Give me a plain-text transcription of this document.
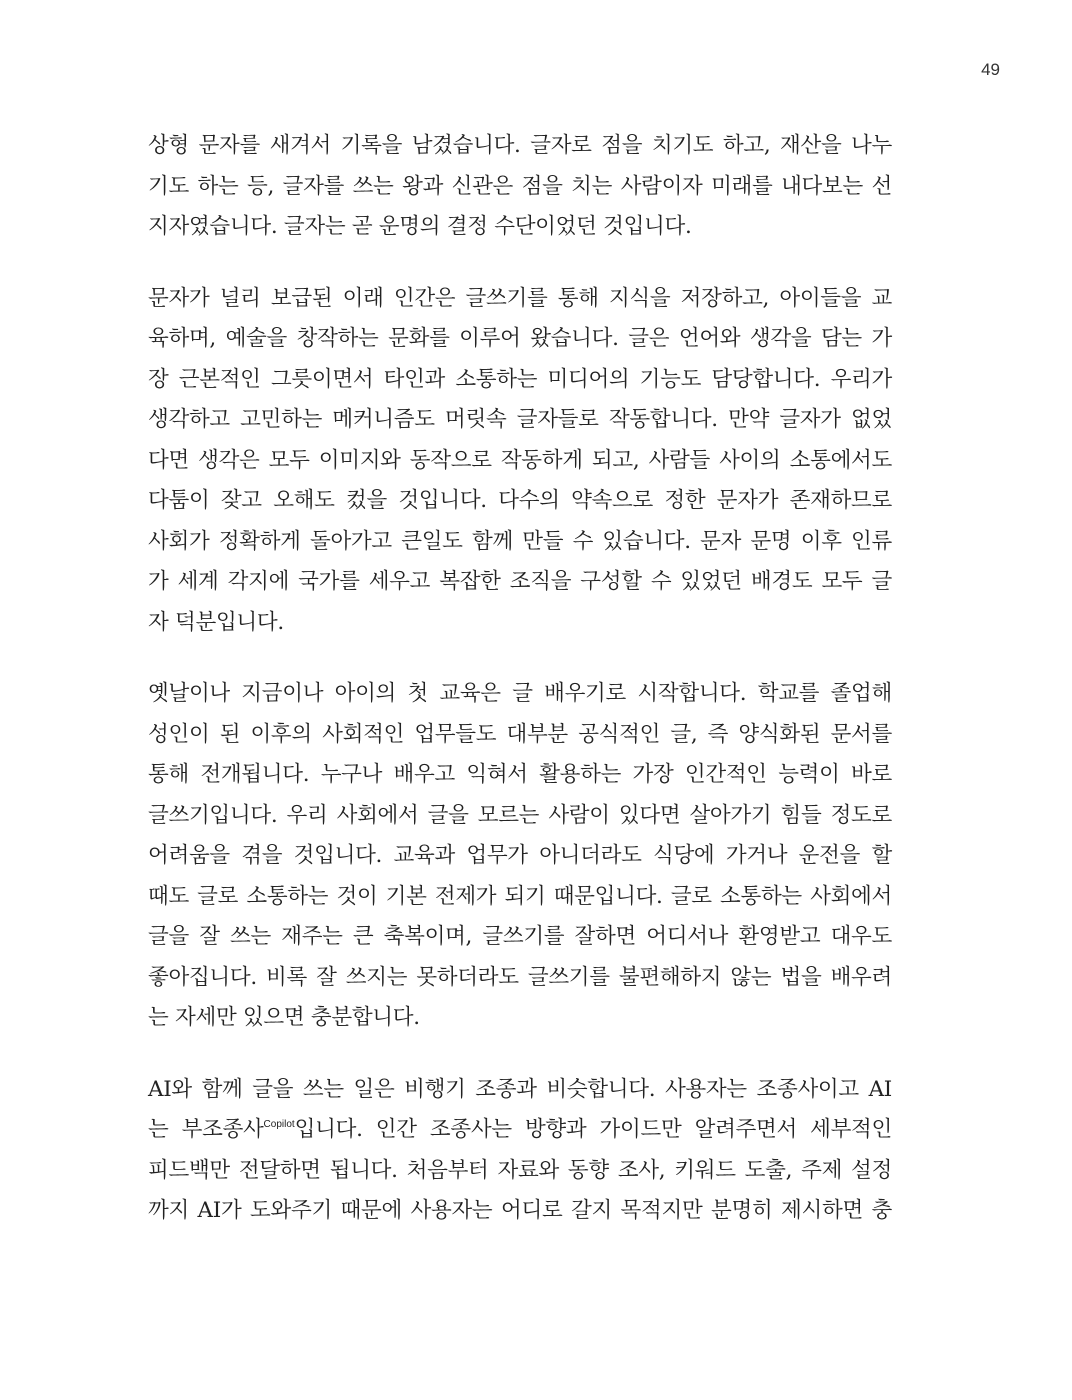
49

상형 문자를 새겨서 기록을 남겼습니다. 글자로 점을 치기도 하고, 재산을 나누
기도 하는 등, 글자를 쓰는 왕과 신관은 점을 치는 사람이자 미래를 내다보는 선
지자였습니다. 글자는 곧 운명의 결정 수단이었던 것입니다.

문자가 널리 보급된 이래 인간은 글쓰기를 통해 지식을 저장하고, 아이들을 교
육하며, 예술을 창작하는 문화를 이루어 왔습니다. 글은 언어와 생각을 담는 가
장 근본적인 그릇이면서 타인과 소통하는 미디어의 기능도 담당합니다. 우리가
생각하고 고민하는 메커니즘도 머릿속 글자들로 작동합니다. 만약 글자가 없었
다면 생각은 모두 이미지와 동작으로 작동하게 되고, 사람들 사이의 소통에서도
다툼이 잦고 오해도 컸을 것입니다. 다수의 약속으로 정한 문자가 존재하므로
사회가 정확하게 돌아가고 큰일도 함께 만들 수 있습니다. 문자 문명 이후 인류
가 세계 각지에 국가를 세우고 복잡한 조직을 구성할 수 있었던 배경도 모두 글
자 덕분입니다.

옛날이나 지금이나 아이의 첫 교육은 글 배우기로 시작합니다. 학교를 졸업해
성인이 된 이후의 사회적인 업무들도 대부분 공식적인 글, 즉 양식화된 문서를
통해 전개됩니다. 누구나 배우고 익혀서 활용하는 가장 인간적인 능력이 바로
글쓰기입니다. 우리 사회에서 글을 모르는 사람이 있다면 살아가기 힘들 정도로
어려움을 겪을 것입니다. 교육과 업무가 아니더라도 식당에 가거나 운전을 할
때도 글로 소통하는 것이 기본 전제가 되기 때문입니다. 글로 소통하는 사회에서
글을 잘 쓰는 재주는 큰 축복이며, 글쓰기를 잘하면 어디서나 환영받고 대우도
좋아집니다. 비록 잘 쓰지는 못하더라도 글쓰기를 불편해하지 않는 법을 배우려
는 자세만 있으면 충분합니다.

AI와 함께 글을 쓰는 일은 비행기 조종과 비슷합니다. 사용자는 조종사이고 AI
는 부조종사$^{Copilot}$입니다. 인간 조종사는 방향과 가이드만 알려주면서 세부적인
피드백만 전달하면 됩니다. 처음부터 자료와 동향 조사, 키워드 도출, 주제 설정
까지 AI가 도와주기 때문에 사용자는 어디로 갈지 목적지만 분명히 제시하면 충
